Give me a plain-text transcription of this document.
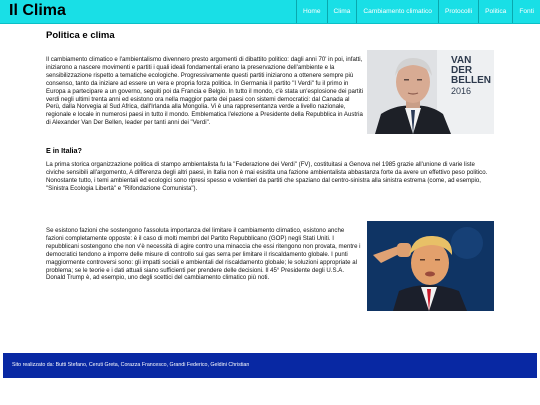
Il Clima	Home	Clima	Cambiamento climatico	Protocolli	Politica	Fonti
Politica e clima

Il cambiamento climatico e l'ambientalismo divennero presto argomenti di dibattito politico: dagli anni 70' in poi, infatti, iniziarono a nascere movimenti e partiti i quali ideali fondamentali erano la preservazione dell'ambiente e la sensibilizzazione rispetto a tematiche ecologiche. Progressivamente questi partiti iniziarono a ottenere sempre più consenso, tanto da iniziare ad essere un vera e propria forza politica. In Germania il partito "I Verdi" fu il primo in Europa a partecipare a un governo, seguiti poi da Francia e Belgio. In tutto il mondo, c'è stata un'esplosione dei partiti verdi negli ultimi trenta anni ed esistono ora nella maggior parte dei paesi con sistemi democratici: dal Canada al Perù, dalla Norvegia al Sud Africa, dall'Irlanda alla Mongolia. Vi è una rappresentanza verde a livello nazionale, regionale e locale in numerosi paesi in tutto il mondo. Emblematica l'elezione a Presidente della Repubblica in Austria di Alexander Van Der Bellen, leader per tanti anni dei "Verdi".

VAN
DER
BELLEN
2016
E in Italia?

La prima storica organizzazione politica di stampo ambientalista fu la "Federazione dei Verdi" (FV), costituitasi a Genova nel 1985 grazie all'unione di varie liste civiche sensibili all'argomento, A differenza degli altri paesi, in Italia non è mai esistita una fazione ambientalista abbastanza forte da avere un effettivo peso politico. Nonostante tutto, i temi ambientali ed ecologici sono ripresi spesso e volentieri da partiti che spaziano dal centro-sinistra alla sinistra estrema (come, ad esempio, "Sinistra Ecologia Libertà" e "Rifondazione Comunista").

Se esistono fazioni che sostengono l'assoluta importanza del limitare il cambiamento climatico, esistono anche fazioni completamente opposte: è il caso di molti membri del Partito Repubblicano (GOP) negli Stati Uniti. I repubblicani sostengono che non v'è necessità di agire contro una minaccia che essi ritengono non provata, mentre i democratici tendono a imporre delle misure di controllo sui gas serra per limitare il riscaldamento globale. I punti maggiormente controversi sono: gli impatti sociali e ambientali del riscaldamento globale; le soluzioni appropriate al problema; se le teorie e i dati attuali siano sufficienti per prendere delle decisioni. Il 45° Presidente degli U.S.A. Donald Trump è, ad esempio, uno degli scettici del cambiamento climatico più noti.

Sito realizzato da: Butti Stefano, Ceruti Greta, Corazza Francesco, Grandi Federico, Geldini Christian
